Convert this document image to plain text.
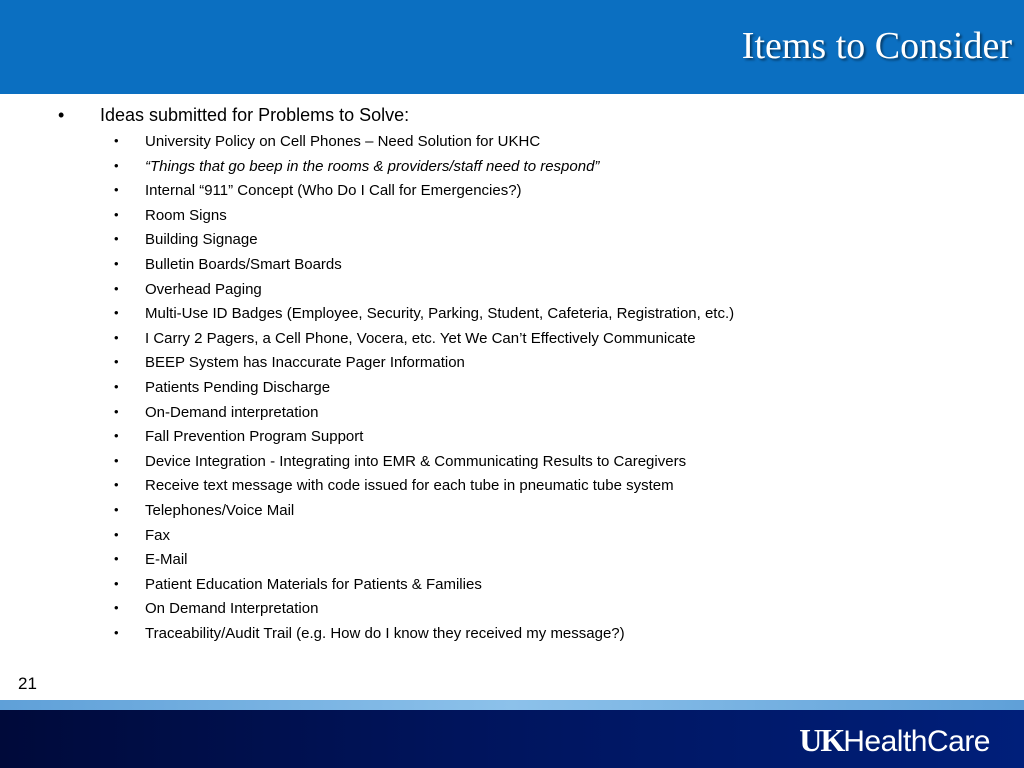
Items to Consider
• Ideas submitted for Problems to Solve:
• University Policy on Cell Phones – Need Solution for UKHC
• “Things that go beep in the rooms & providers/staff need to respond”
• Internal “911” Concept (Who Do I Call for Emergencies?)
• Room Signs
• Building Signage
• Bulletin Boards/Smart Boards
• Overhead Paging
• Multi-Use ID Badges (Employee, Security, Parking, Student, Cafeteria, Registration, etc.)
• I Carry 2 Pagers, a Cell Phone, Vocera, etc. Yet We Can’t Effectively Communicate
• BEEP System has Inaccurate Pager Information
• Patients Pending Discharge
• On-Demand interpretation
• Fall Prevention Program Support
• Device Integration - Integrating into EMR & Communicating Results to Caregivers
• Receive text message with code issued for each tube in pneumatic tube system
• Telephones/Voice Mail
• Fax
• E-Mail
• Patient Education Materials for Patients & Families
• On Demand Interpretation
• Traceability/Audit Trail (e.g. How do I know they received my message?)
21
UKHealthCare
